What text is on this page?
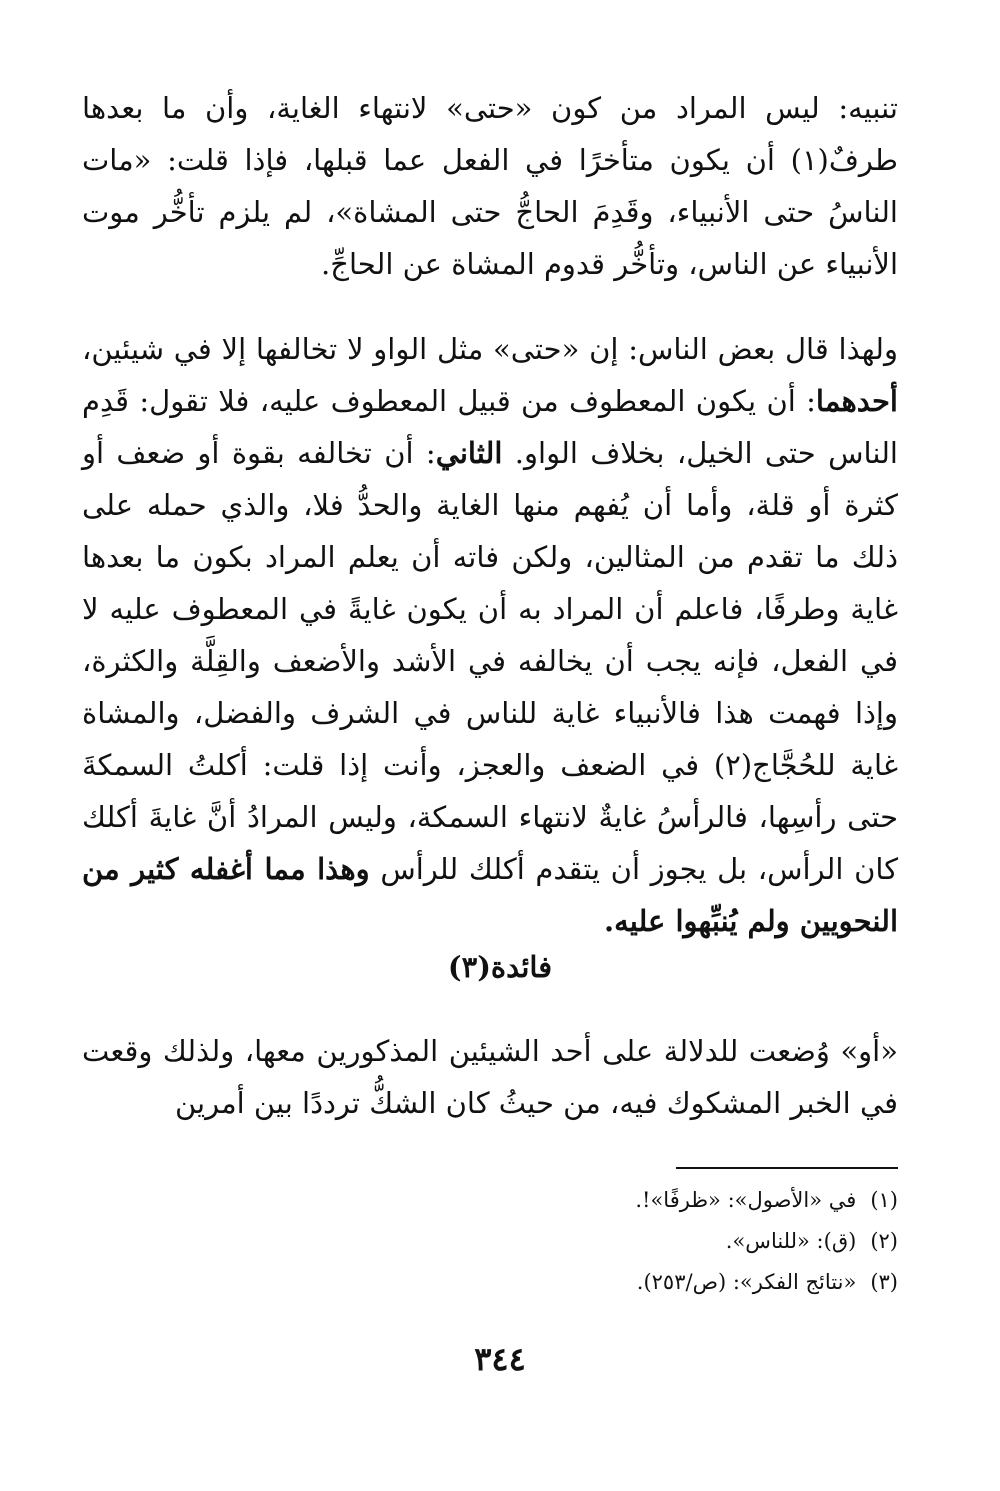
تنبيه: ليس المراد من كون «حتى» لانتهاء الغاية، وأن ما بعدها طرفٌ(١) أن يكون متأخرًا في الفعل عما قبلها، فإذا قلت: «مات الناسُ حتى الأنبياء، وقَدِمَ الحاجُّ حتى المشاة»، لم يلزم تأخُّر موت الأنبياء عن الناس، وتأخُّر قدوم المشاة عن الحاجِّ.

ولهذا قال بعض الناس: إن «حتى» مثل الواو لا تخالفها إلا في شيئين، أحدهما: أن يكون المعطوف من قبيل المعطوف عليه، فلا تقول: قَدِم الناس حتى الخيل، بخلاف الواو. الثاني: أن تخالفه بقوة أو ضعف أو كثرة أو قلة، وأما أن يُفهم منها الغاية والحدُّ فلا، والذي حمله على ذلك ما تقدم من المثالين، ولكن فاته أن يعلم المراد بكون ما بعدها غاية وطرفًا، فاعلم أن المراد به أن يكون غايةً في المعطوف عليه لا في الفعل، فإنه يجب أن يخالفه في الأشد والأضعف والقِلَّة والكثرة، وإذا فهمت هذا فالأنبياء غاية للناس في الشرف والفضل، والمشاة غاية للحُجَّاج(٢) في الضعف والعجز، وأنت إذا قلت: أكلتُ السمكةَ حتى رأسِها، فالرأسُ غايةٌ لانتهاء السمكة، وليس المرادُ أنَّ غايةَ أكلك كان الرأس، بل يجوز أن يتقدم أكلك للرأس وهذا مما أغفله كثير من النحويين ولم يُنبِّهوا عليه.

فائدة(٣)

«أو» وُضعت للدلالة على أحد الشيئين المذكورين معها، ولذلك وقعت في الخبر المشكوك فيه، من حيثُ كان الشكُّ ترددًا بين أمرين

(١)في «الأصول»: «ظرفًا»!.
(٢)(ق): «للناس».
(٣)«نتائج الفكر»: (ص/٢٥٣).
٣٤٤
